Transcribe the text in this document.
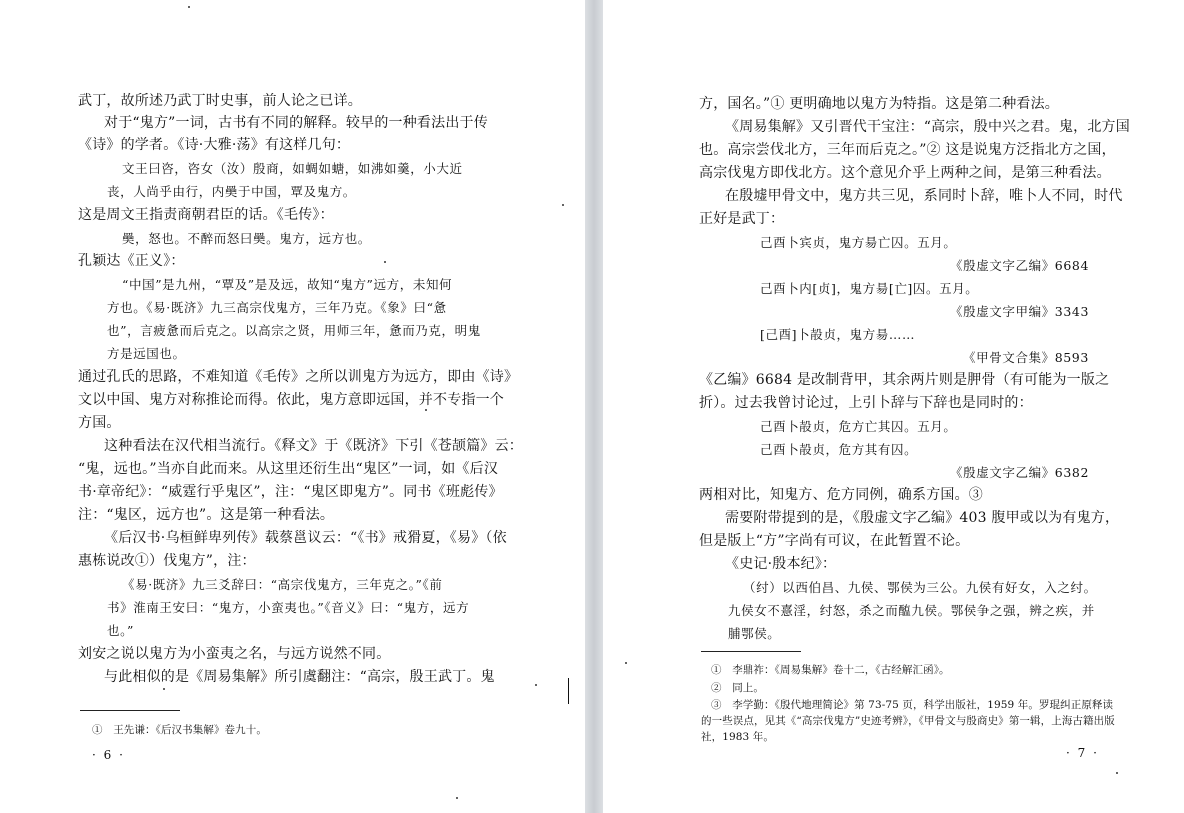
武丁，故所述乃武丁时史事，前人论之已详。
对于“鬼方”一词，古书有不同的解释。较早的一种看法出于传
《诗》的学者。《诗·大雅·荡》有这样几句：
文王曰咨，咨女（汝）殷商，如蜩如螗，如沸如羹，小大近
丧，人尚乎由行，内奰于中国，覃及鬼方。
这是周文王指责商朝君臣的话。《毛传》：
奰，怒也。不醉而怒曰奰。鬼方，远方也。
孔颖达《正义》：
“中国”是九州，“覃及”是及远，故知“鬼方”远方，未知何
方也。《易·既济》九三高宗伐鬼方，三年乃克。《象》曰“惫
也”，言疲惫而后克之。以高宗之贤，用师三年，惫而乃克，明鬼
方是远国也。
通过孔氏的思路，不难知道《毛传》之所以训鬼方为远方，即由《诗》
文以中国、鬼方对称推论而得。依此，鬼方意即远国，并不专指一个
方国。
这种看法在汉代相当流行。《释文》于《既济》下引《苍颉篇》云：
“鬼，远也。”当亦自此而来。从这里还衍生出“鬼区”一词，如《后汉
书·章帝纪》：“威霆行乎鬼区”，注：“鬼区即鬼方”。同书《班彪传》
注：“鬼区，远方也”。这是第一种看法。
《后汉书·乌桓鲜卑列传》载蔡邕议云：“《书》戒猾夏，《易》（依
惠栋说改①）伐鬼方”，注：
《易·既济》九三爻辞曰：“高宗伐鬼方，三年克之。”《前
书》淮南王安曰：“鬼方，小蛮夷也。”《音义》曰：“鬼方，远方
也。”
刘安之说以鬼方为小蛮夷之名，与远方说然不同。
与此相似的是《周易集解》所引虞翻注：“高宗，殷王武丁。鬼
①　王先谦：《后汉书集解》卷九十。
· 6 ·
方，国名。”① 更明确地以鬼方为特指。这是第二种看法。
《周易集解》又引晋代干宝注：“高宗，殷中兴之君。鬼，北方国
也。高宗尝伐北方，三年而后克之。”② 这是说鬼方泛指北方之国，
高宗伐鬼方即伐北方。这个意见介乎上两种之间，是第三种看法。
在殷墟甲骨文中，鬼方共三见，系同时卜辞，唯卜人不同，时代
正好是武丁：
己酉卜宾贞，鬼方昜亡囚。五月。
《殷虚文字乙编》6684
己酉卜内[贞]，鬼方昜[亡]囚。五月。
《殷虚文字甲编》3343
[己酉]卜㱿贞，鬼方昜……
《甲骨文合集》8593
《乙编》6684 是改制背甲，其余两片则是胛骨（有可能为一版之
折）。过去我曾讨论过，上引卜辞与下辞也是同时的：
己酉卜㱿贞，危方亡其囚。五月。
己酉卜㱿贞，危方其有囚。
《殷虚文字乙编》6382
两相对比，知鬼方、危方同例，确系方国。③
需要附带提到的是，《殷虚文字乙编》403 腹甲或以为有鬼方，
但是版上“方”字尚有可议，在此暂置不论。
《史记·殷本纪》：
（纣）以西伯昌、九侯、鄂侯为三公。九侯有好女，入之纣。
九侯女不憙淫，纣怒，杀之而醢九侯。鄂侯争之强，辨之疾，并
脯鄂侯。
①　李鼎祚：《周易集解》卷十二，《古经解汇函》。
②　同上。
③　李学勤：《殷代地理简论》第 73-75 页，科学出版社，1959 年。罗琨纠正原释读
的一些误点，见其《“高宗伐鬼方”史迹考辨》，《甲骨文与殷商史》第一辑，上海古籍出版
社，1983 年。
· 7 ·
